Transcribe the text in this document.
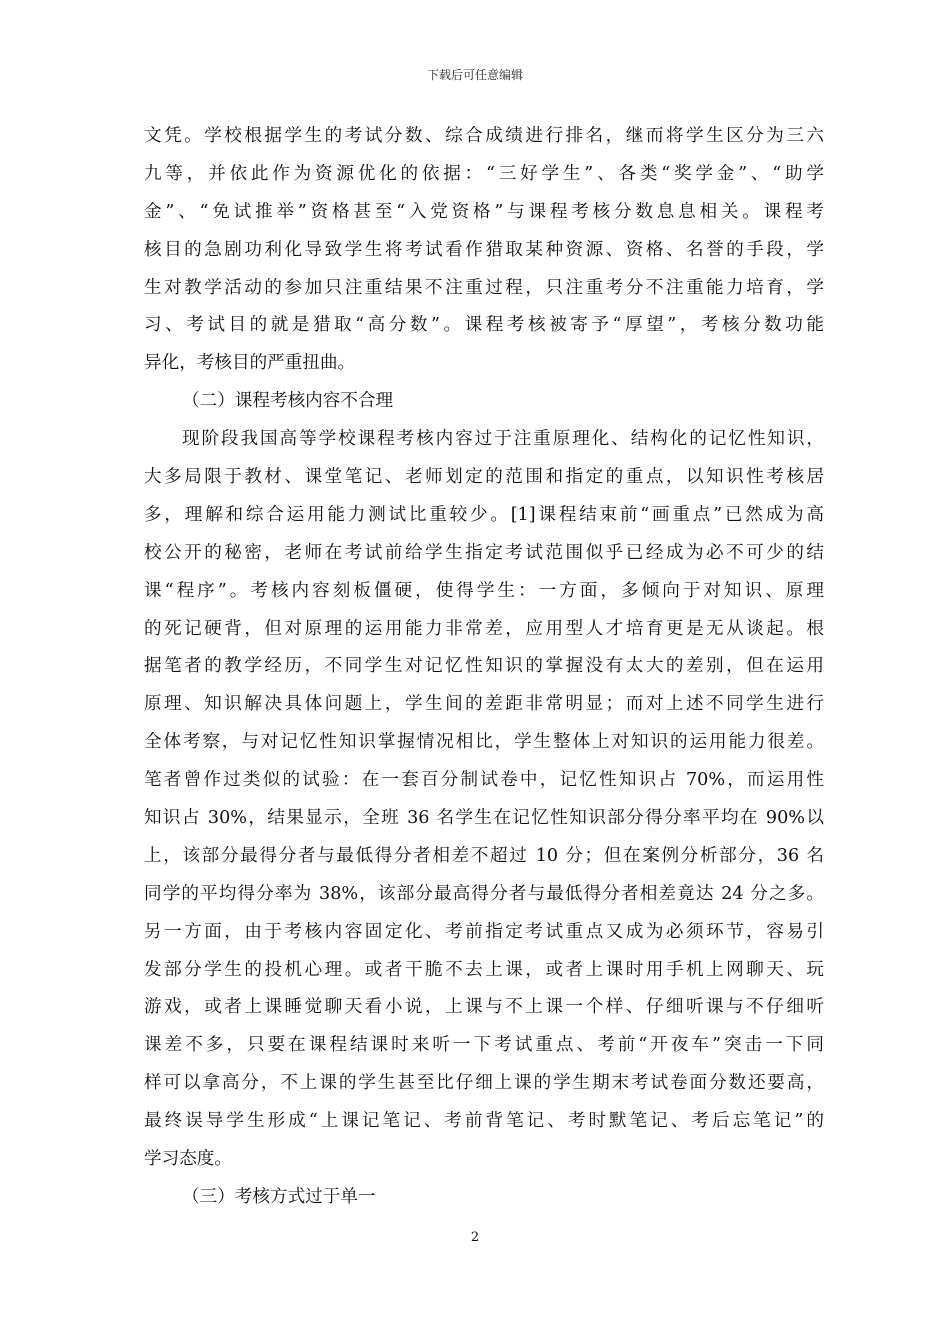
下载后可任意编辑
文凭。学校根据学生的考试分数、综合成绩进行排名，继而将学生区分为三六
九等，并依此作为资源优化的依据：“三好学生”、各类“奖学金”、“助学
金”、“免试推举”资格甚至“入党资格”与课程考核分数息息相关。课程考
核目的急剧功利化导致学生将考试看作猎取某种资源、资格、名誉的手段，学
生对教学活动的参加只注重结果不注重过程，只注重考分不注重能力培育，学
习、考试目的就是猎取“高分数”。课程考核被寄予“厚望”，考核分数功能
异化，考核目的严重扭曲。
（二）课程考核内容不合理
现阶段我国高等学校课程考核内容过于注重原理化、结构化的记忆性知识，
大多局限于教材、课堂笔记、老师划定的范围和指定的重点，以知识性考核居
多，理解和综合运用能力测试比重较少。[1]课程结束前“画重点”已然成为高
校公开的秘密，老师在考试前给学生指定考试范围似乎已经成为必不可少的结
课“程序”。考核内容刻板僵硬，使得学生：一方面，多倾向于对知识、原理
的死记硬背，但对原理的运用能力非常差，应用型人才培育更是无从谈起。根
据笔者的教学经历，不同学生对记忆性知识的掌握没有太大的差别，但在运用
原理、知识解决具体问题上，学生间的差距非常明显；而对上述不同学生进行
全体考察，与对记忆性知识掌握情况相比，学生整体上对知识的运用能力很差。
笔者曾作过类似的试验：在一套百分制试卷中，记忆性知识占 70%，而运用性
知识占 30%，结果显示，全班 36 名学生在记忆性知识部分得分率平均在 90%以
上，该部分最得分者与最低得分者相差不超过 10 分；但在案例分析部分，36 名
同学的平均得分率为 38%，该部分最高得分者与最低得分者相差竟达 24 分之多。
另一方面，由于考核内容固定化、考前指定考试重点又成为必须环节，容易引
发部分学生的投机心理。或者干脆不去上课，或者上课时用手机上网聊天、玩
游戏，或者上课睡觉聊天看小说，上课与不上课一个样、仔细听课与不仔细听
课差不多，只要在课程结课时来听一下考试重点、考前“开夜车”突击一下同
样可以拿高分，不上课的学生甚至比仔细上课的学生期末考试卷面分数还要高，
最终误导学生形成“上课记笔记、考前背笔记、考时默笔记、考后忘笔记”的
学习态度。
（三）考核方式过于单一
2
